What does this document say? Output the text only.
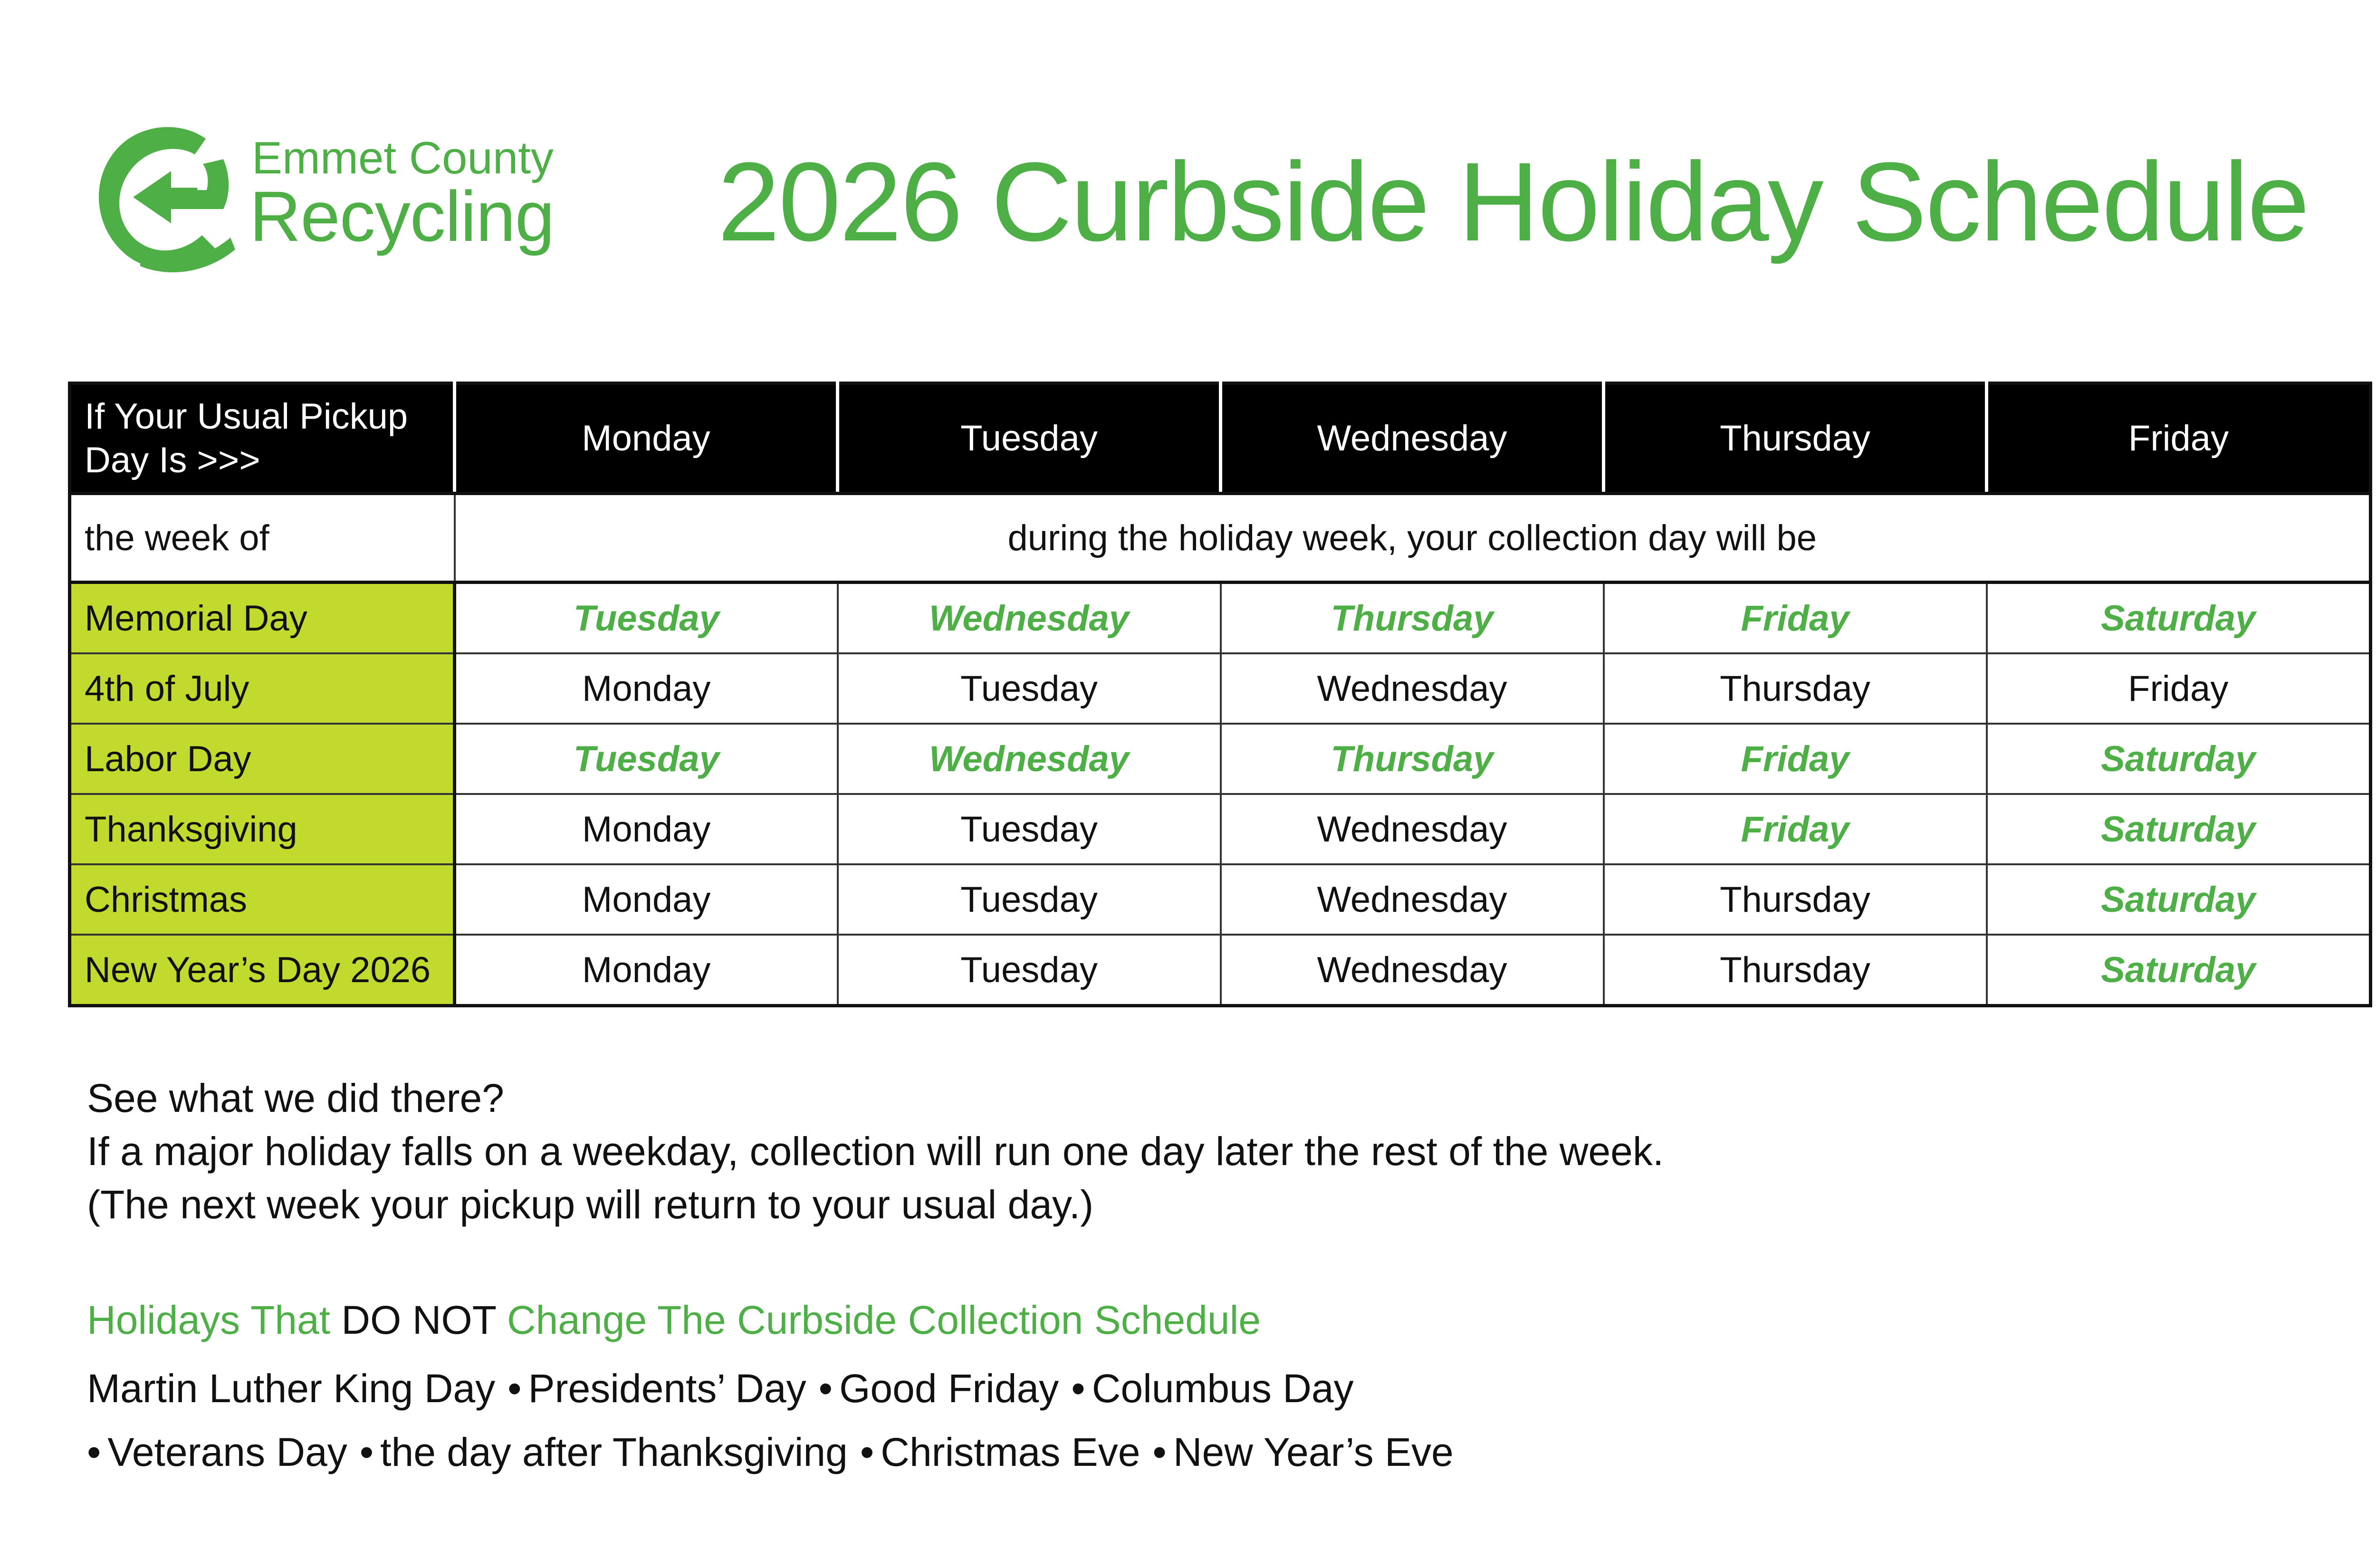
Emmet County
Recycling 2026 Curbside Holiday Schedule
If Your Usual Pickup Day Is >>>	Monday	Tuesday	Wednesday	Thursday	Friday
the week of	during the holiday week, your collection day will be				
Memorial Day	Tuesday	Wednesday	Thursday	Friday	Saturday
4th of July	Monday	Tuesday	Wednesday	Thursday	Friday
Labor Day	Tuesday	Wednesday	Thursday	Friday	Saturday
Thanksgiving	Monday	Tuesday	Wednesday	Friday	Saturday
Christmas	Monday	Tuesday	Wednesday	Thursday	Saturday
New Year’s Day 2026	Monday	Tuesday	Wednesday	Thursday	Saturday
See what we did there?
If a major holiday falls on a weekday, collection will run one day later the rest of the week.
(The next week your pickup will return to your usual day.)
Holidays That DO NOT Change The Curbside Collection Schedule
Martin Luther King Day • Presidents’ Day • Good Friday • Columbus Day
• Veterans Day • the day after Thanksgiving • Christmas Eve • New Year’s Eve
